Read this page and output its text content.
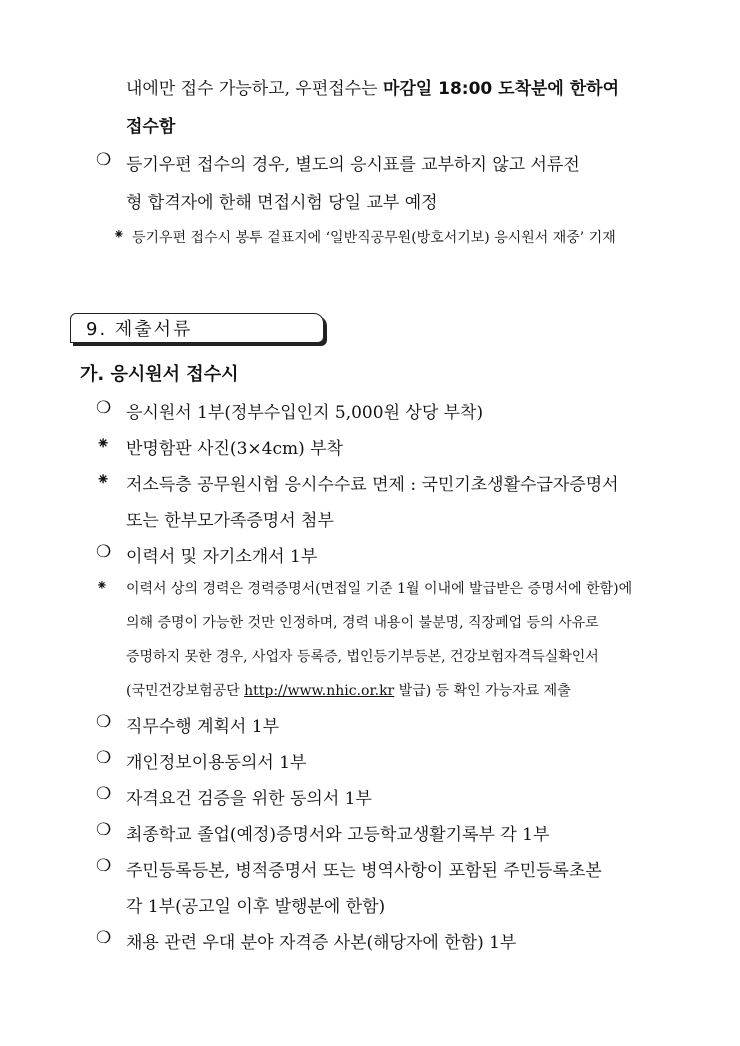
내에만 접수 가능하고, 우편접수는 마감일 18:00 도착분에 한하여
접수함
❍ 등기우편 접수의 경우, 별도의 응시표를 교부하지 않고 서류전
형 합격자에 한해 면접시험 당일 교부 예정
⁕ 등기우편 접수시 봉투 겉표지에 ‘일반직공무원(방호서기보) 응시원서 재중’ 기재
9. 제출서류
가. 응시원서 접수시
❍ 응시원서 1부(정부수입인지 5,000원 상당 부착)
⁕ 반명함판 사진(3×4cm) 부착
⁕ 저소득층 공무원시험 응시수수료 면제 : 국민기초생활수급자증명서
또는 한부모가족증명서 첨부
❍ 이력서 및 자기소개서 1부
⁕ 이력서 상의 경력은 경력증명서(면접일 기준 1월 이내에 발급받은 증명서에 한함)에
의해 증명이 가능한 것만 인정하며, 경력 내용이 불분명, 직장폐업 등의 사유로
증명하지 못한 경우, 사업자 등록증, 법인등기부등본, 건강보험자격득실확인서
(국민건강보험공단 http://www.nhic.or.kr 발급) 등 확인 가능자료 제출
❍ 직무수행 계획서 1부
❍ 개인정보이용동의서 1부
❍ 자격요건 검증을 위한 동의서 1부
❍ 최종학교 졸업(예정)증명서와 고등학교생활기록부 각 1부
❍ 주민등록등본, 병적증명서 또는 병역사항이 포함된 주민등록초본
각 1부(공고일 이후 발행분에 한함)
❍ 채용 관련 우대 분야 자격증 사본(해당자에 한함) 1부
